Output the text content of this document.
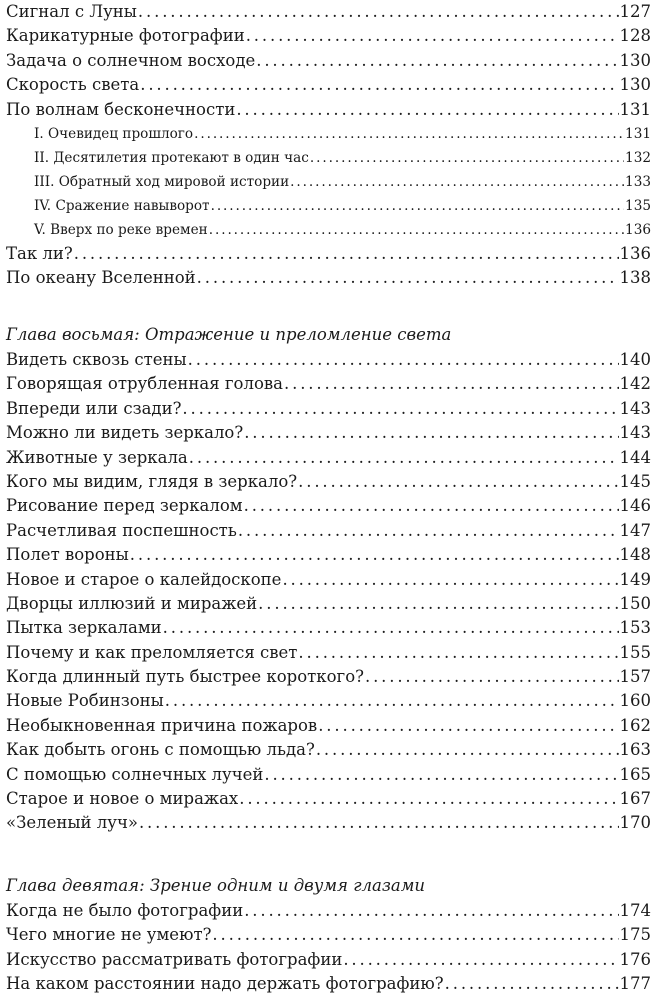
Сигнал с Луны . . .	127
Карикатурные фотографии . . .	128
Задача о солнечном восходе . . .	130
Скорость света . . .	130
По волнам бесконечности . . .	131
I. Очевидец прошлого . . .	131
II. Десятилетия протекают в один час . . .	132
III. Обратный ход мировой истории . . .	133
IV. Сражение навыворот . . .	135
V. Вверх по реке времен . . .	136
Так ли? . . .	136
По океану Вселенной . . .	138
Глава восьмая: Отражение и преломление света
Видеть сквозь стены . . .	140
Говорящая отрубленная голова . . .	142
Впереди или сзади? . . .	143
Можно ли видеть зеркало? . . .	143
Животные у зеркала . . .	144
Кого мы видим, глядя в зеркало? . . .	145
Рисование перед зеркалом . . .	146
Расчетливая поспешность . . .	147
Полет вороны . . .	148
Новое и старое о калейдоскопе . . .	149
Дворцы иллюзий и миражей . . .	150
Пытка зеркалами . . .	153
Почему и как преломляется свет . . .	155
Когда длинный путь быстрее короткого? . . .	157
Новые Робинзоны . . .	160
Необыкновенная причина пожаров . . .	162
Как добыть огонь с помощью льда? . . .	163
С помощью солнечных лучей . . .	165
Старое и новое о миражах . . .	167
«Зеленый луч» . . .	170
Глава девятая: Зрение одним и двумя глазами
Когда не было фотографии . . .	174
Чего многие не умеют? . . .	175
Искусство рассматривать фотографии . . .	176
На каком расстоянии надо держать фотографию? . . .	177
